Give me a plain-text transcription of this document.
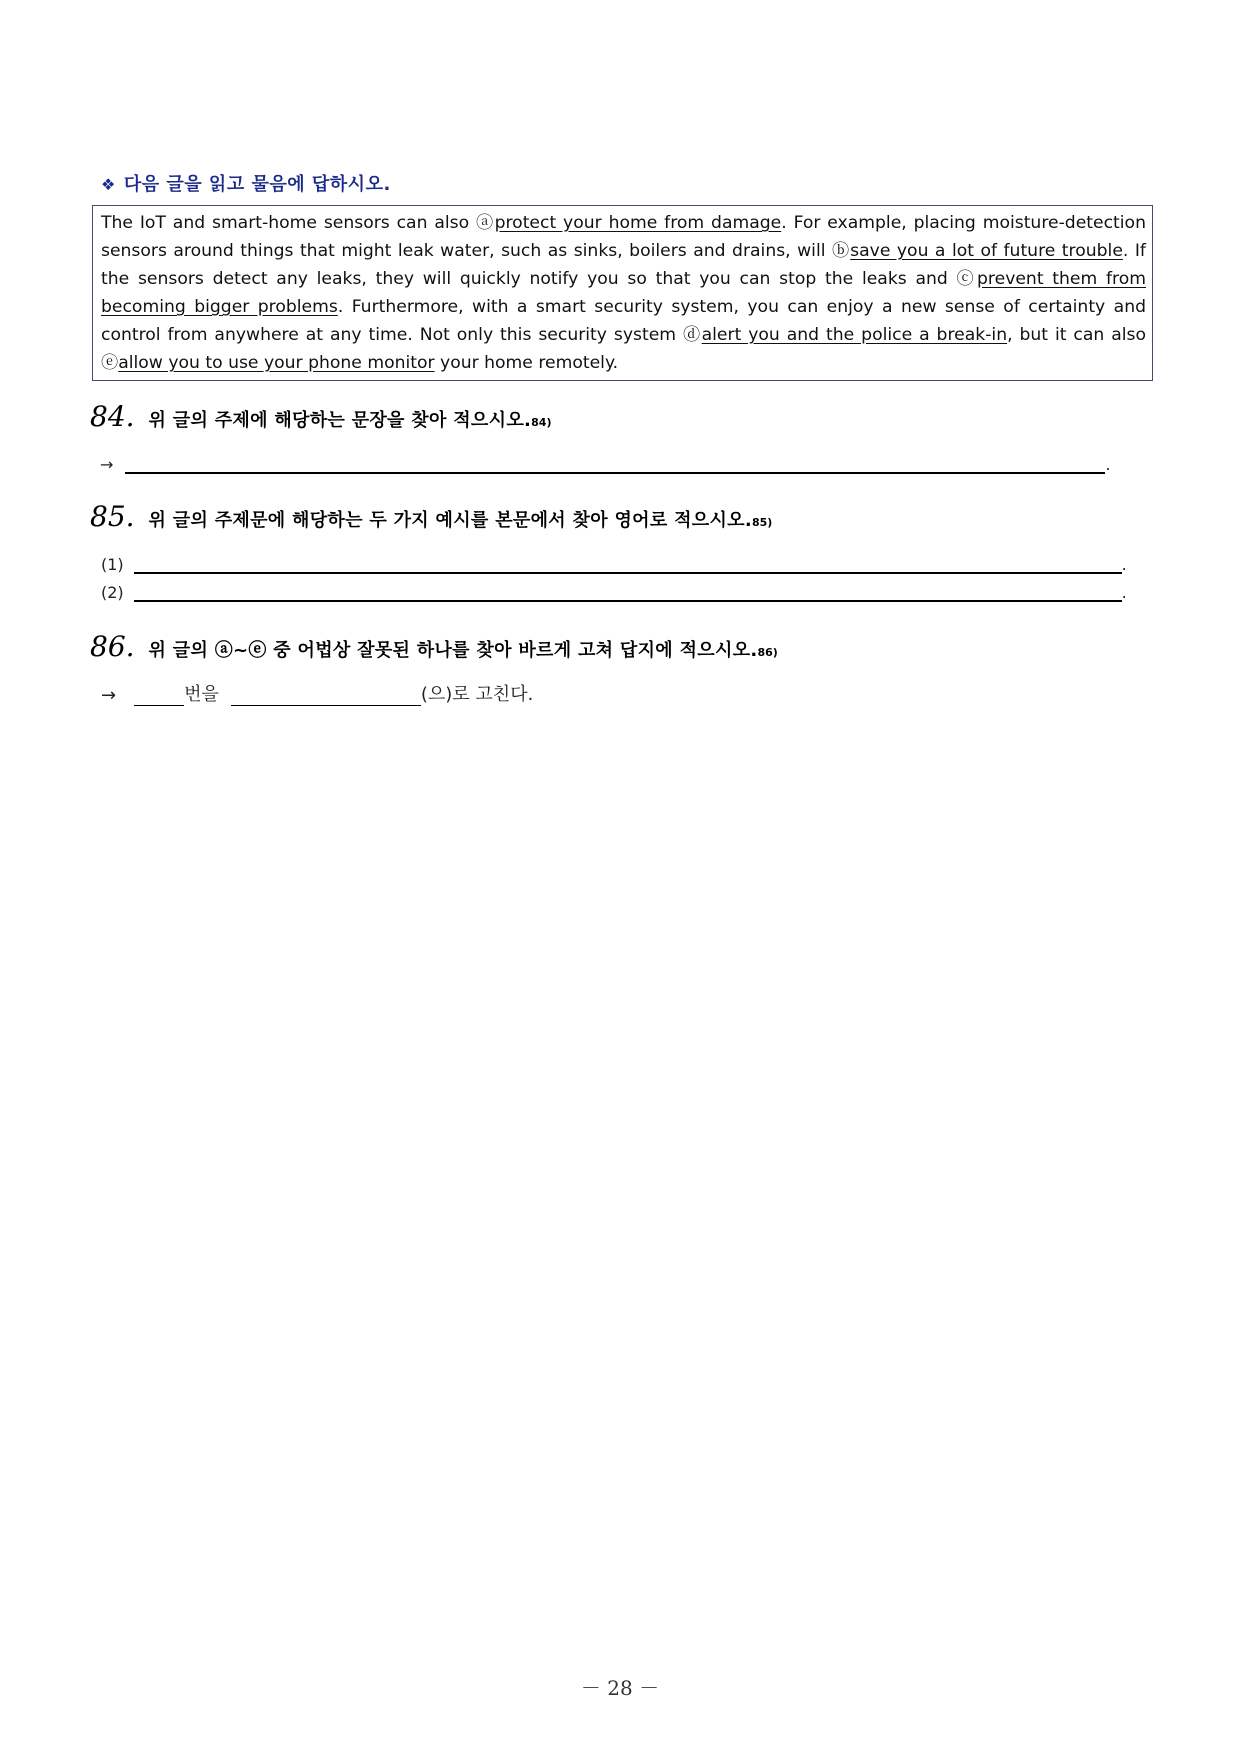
❖ 다음 글을 읽고 물음에 답하시오.
The IoT and smart-home sensors can also ⓐprotect your home from damage. For example, placing moisture-detection sensors around things that might leak water, such as sinks, boilers and drains, will ⓑsave you a lot of future trouble. If the sensors detect any leaks, they will quickly notify you so that you can stop the leaks and ⓒprevent them from becoming bigger problems. Furthermore, with a smart security system, you can enjoy a new sense of certainty and control from anywhere at any time. Not only this security system ⓓalert you and the police a break-in, but it can also ⓔallow you to use your phone monitor your home remotely.
84. 위 글의 주제에 해당하는 문장을 찾아 적으시오. 84)
→	.
85. 위 글의 주제문에 해당하는 두 가지 예시를 본문에서 찾아 영어로 적으시오. 85)
(1)	.
(2)	.
86. 위 글의 ⓐ~ⓔ 중 어법상 잘못된 하나를 찾아 바르게 고쳐 답지에 적으시오. 86)
→	번을	(으)로 고친다.
－ 28 －
